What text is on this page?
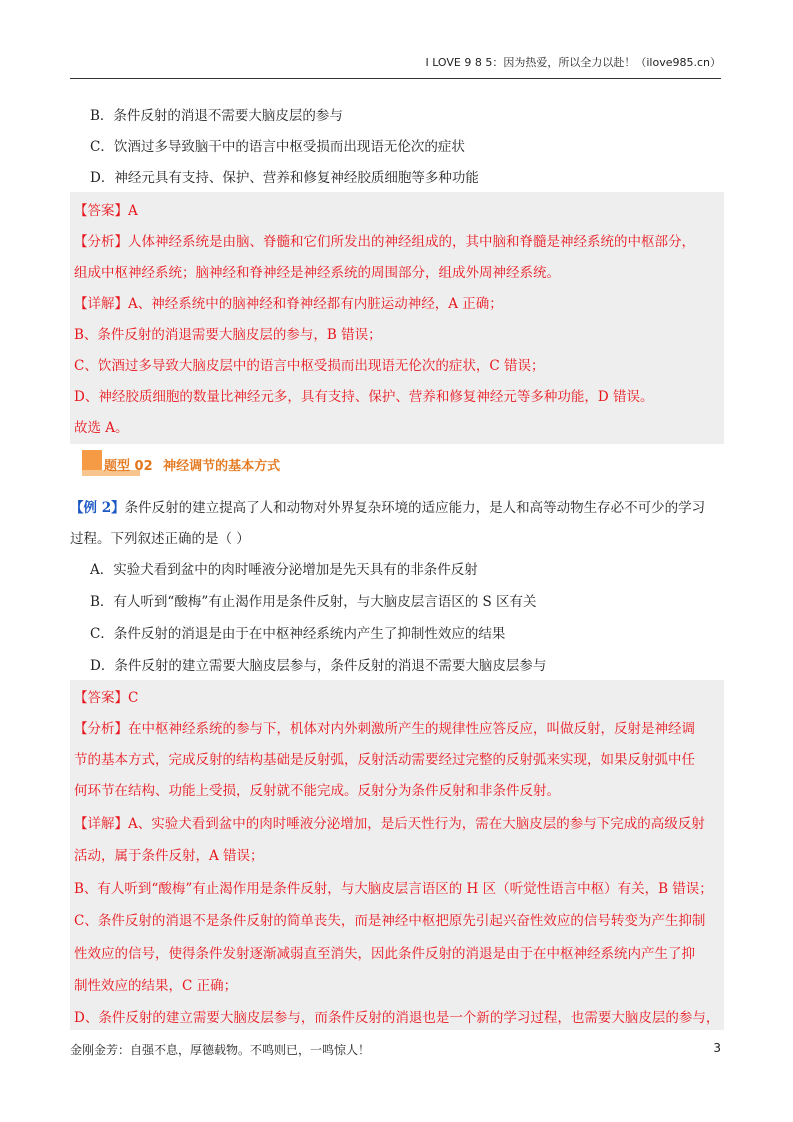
I LOVE 9 8 5：因为热爱，所以全力以赴！（ilove985.cn）
B．条件反射的消退不需要大脑皮层的参与
C．饮酒过多导致脑干中的语言中枢受损而出现语无伦次的症状
D．神经元具有支持、保护、营养和修复神经胶质细胞等多种功能
【答案】A
【分析】人体神经系统是由脑、脊髓和它们所发出的神经组成的，其中脑和脊髓是神经系统的中枢部分，
组成中枢神经系统；脑神经和脊神经是神经系统的周围部分，组成外周神经系统。
【详解】A、神经系统中的脑神经和脊神经都有内脏运动神经，A 正确；
B、条件反射的消退需要大脑皮层的参与，B 错误；
C、饮酒过多导致大脑皮层中的语言中枢受损而出现语无伦次的症状，C 错误；
D、神经胶质细胞的数量比神经元多，具有支持、保护、营养和修复神经元等多种功能，D 错误。
故选 A。
题型 02 神经调节的基本方式
【例 2】条件反射的建立提高了人和动物对外界复杂环境的适应能力，是人和高等动物生存必不可少的学习
过程。下列叙述正确的是（ ）
A．实验犬看到盆中的肉时唾液分泌增加是先天具有的非条件反射
B．有人听到“酸梅”有止渴作用是条件反射，与大脑皮层言语区的 S 区有关
C．条件反射的消退是由于在中枢神经系统内产生了抑制性效应的结果
D．条件反射的建立需要大脑皮层参与，条件反射的消退不需要大脑皮层参与
【答案】C
【分析】在中枢神经系统的参与下，机体对内外刺激所产生的规律性应答反应，叫做反射，反射是神经调
节的基本方式，完成反射的结构基础是反射弧，反射活动需要经过完整的反射弧来实现，如果反射弧中任
何环节在结构、功能上受损，反射就不能完成。反射分为条件反射和非条件反射。
【详解】A、实验犬看到盆中的肉时唾液分泌增加，是后天性行为，需在大脑皮层的参与下完成的高级反射
活动，属于条件反射，A 错误；
B、有人听到“酸梅”有止渴作用是条件反射，与大脑皮层言语区的 H 区（听觉性语言中枢）有关，B 错误；
C、条件反射的消退不是条件反射的简单丧失，而是神经中枢把原先引起兴奋性效应的信号转变为产生抑制
性效应的信号，使得条件发射逐渐减弱直至消失，因此条件反射的消退是由于在中枢神经系统内产生了抑
制性效应的结果，C 正确；
D、条件反射的建立需要大脑皮层参与，而条件反射的消退也是一个新的学习过程，也需要大脑皮层的参与，
金刚金芳：自强不息，厚德载物。不鸣则已，一鸣惊人！	3
